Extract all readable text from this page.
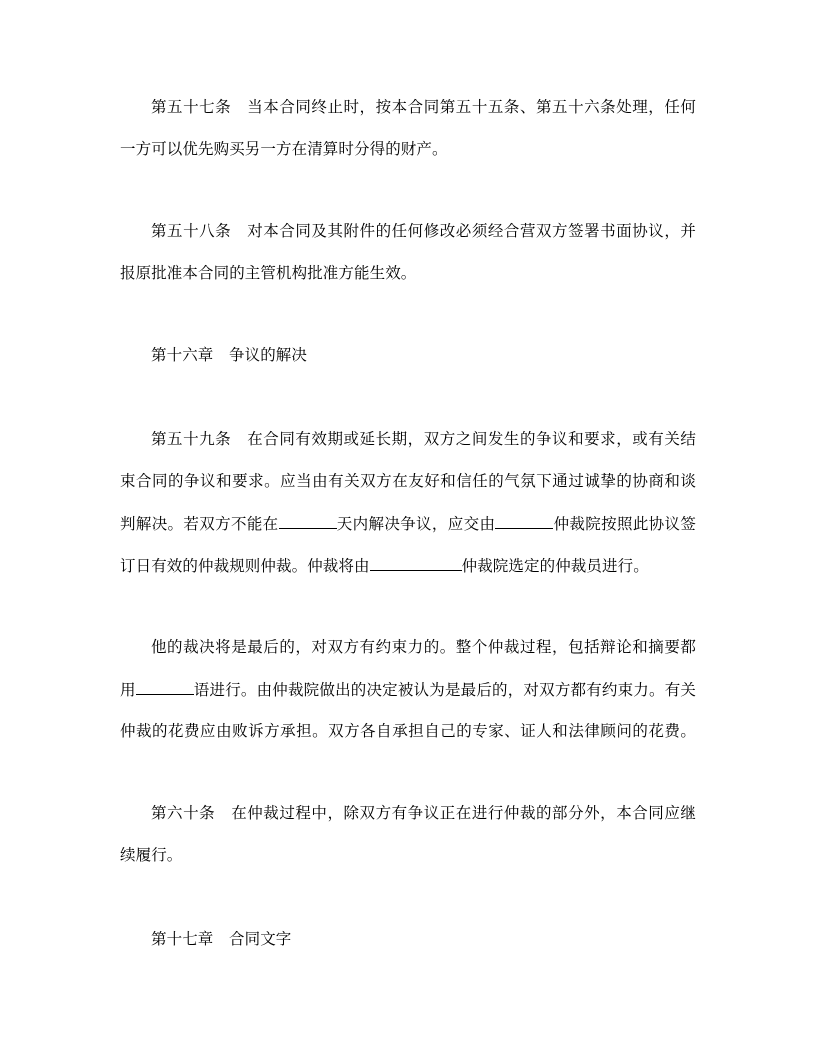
第五十七条　当本合同终止时，按本合同第五十五条、第五十六条处理，任何
一方可以优先购买另一方在清算时分得的财产。
第五十八条　对本合同及其附件的任何修改必须经合营双方签署书面协议，并
报原批准本合同的主管机构批准方能生效。
第十六章　争议的解决
第五十九条　在合同有效期或延长期，双方之间发生的争议和要求，或有关结
束合同的争议和要求。应当由有关双方在友好和信任的气氛下通过诚挚的协商和谈
判解决。若双方不能在	天内解决争议，应交由	仲裁院按照此协议签
订日有效的仲裁规则仲裁。仲裁将由	仲裁院选定的仲裁员进行。
他的裁决将是最后的，对双方有约束力的。整个仲裁过程，包括辩论和摘要都
用	语进行。由仲裁院做出的决定被认为是最后的，对双方都有约束力。有关
仲裁的花费应由败诉方承担。双方各自承担自己的专家、证人和法律顾问的花费。
第六十条　在仲裁过程中，除双方有争议正在进行仲裁的部分外，本合同应继
续履行。
第十七章　合同文字
